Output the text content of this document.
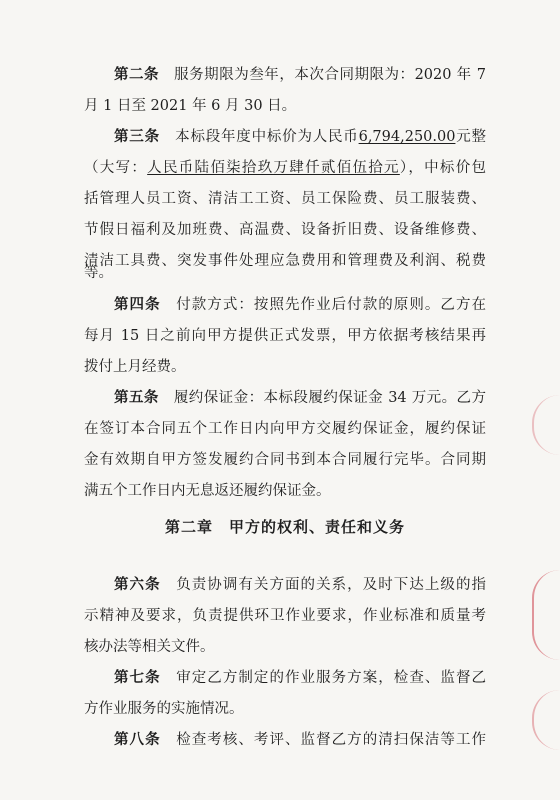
第二条　 服务期限为叁年，本次合同期限为：2020 年 7
月 1 日至 2021 年 6 月 30 日。
第三条　 本标段年度中标价为人民币6,794,250.00元整
（大写：人民币陆佰柒拾玖万肆仟贰佰伍拾元），中标价包
括管理人员工资、清洁工工资、员工保险费、员工服装费、
节假日福利及加班费、高温费、设备折旧费、设备维修费、
清洁工具费、突发事件处理应急费用和管理费及利润、税费
等。
第四条　 付款方式：按照先作业后付款的原则。乙方在
每月 15 日之前向甲方提供正式发票，甲方依据考核结果再
拨付上月经费。
第五条　 履约保证金：本标段履约保证金 34 万元。乙方
在签订本合同五个工作日内向甲方交履约保证金，履约保证
金有效期自甲方签发履约合同书到本合同履行完毕。合同期
满五个工作日内无息返还履约保证金。
第二章　甲方的权利、责任和义务
第六条　 负责协调有关方面的关系，及时下达上级的指
示精神及要求，负责提供环卫作业要求，作业标准和质量考
核办法等相关文件。
第七条　 审定乙方制定的作业服务方案，检查、监督乙
方作业服务的实施情况。
第八条　 检查考核、考评、监督乙方的清扫保洁等工作
